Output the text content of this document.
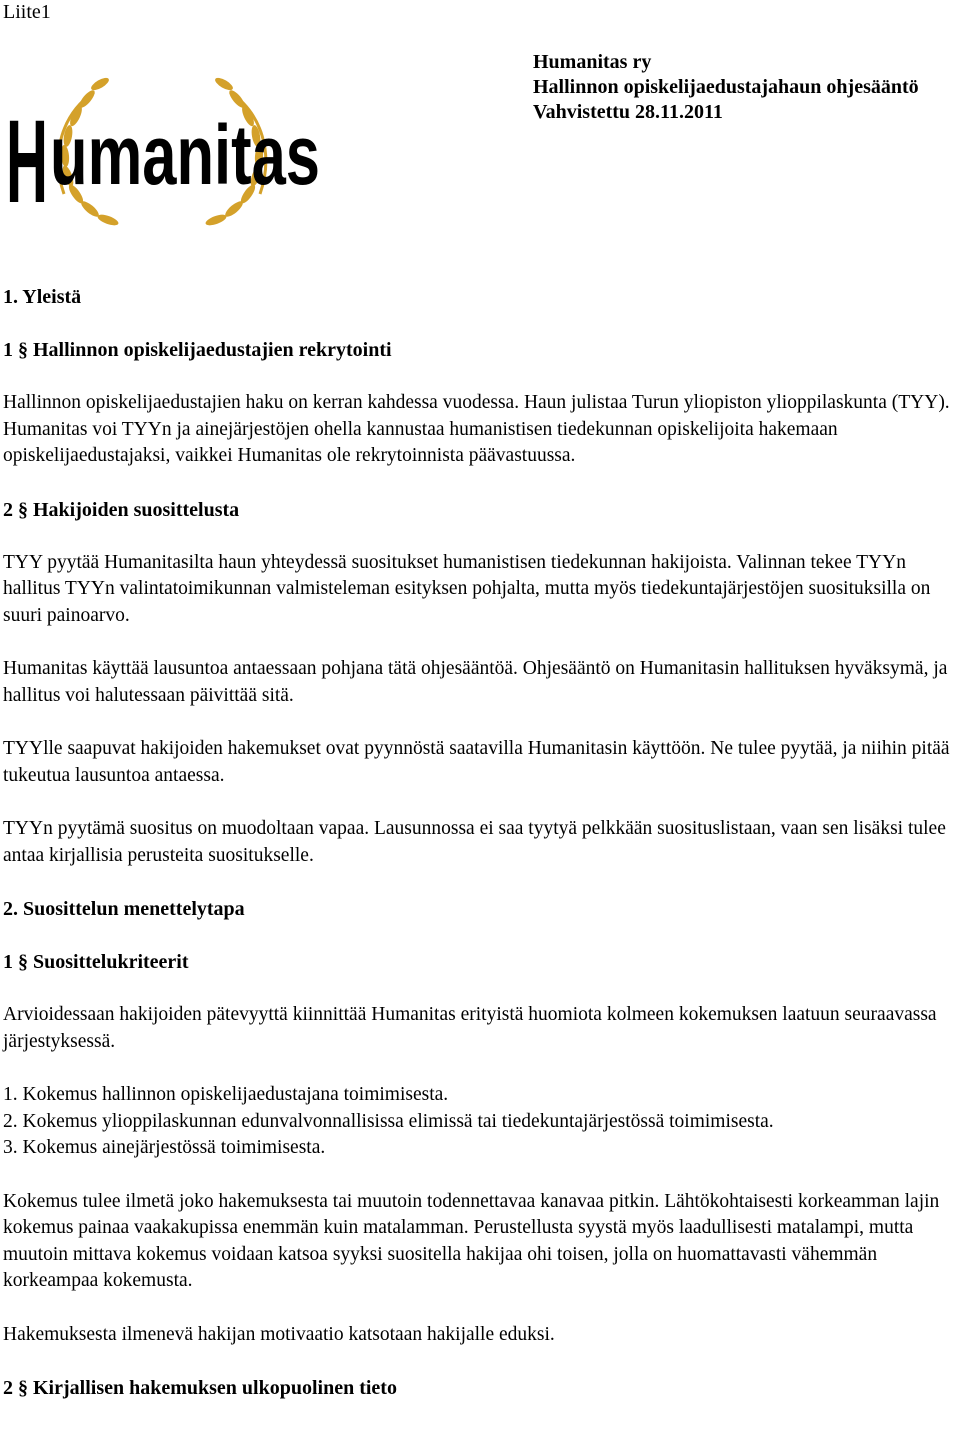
Liite1
H umanitas
Humanitas ry
Hallinnon opiskelijaedustajahaun ohjesääntö
Vahvistettu 28.11.2011
1. Yleistä
1 § Hallinnon opiskelijaedustajien rekrytointi

Hallinnon opiskelijaedustajien haku on kerran kahdessa vuodessa. Haun julistaa Turun yliopiston ylioppilaskunta (TYY). Humanitas voi TYYn ja ainejärjestöjen ohella kannustaa humanistisen tiedekunnan opiskelijoita hakemaan opiskelijaedustajaksi, vaikkei Humanitas ole rekrytoinnista päävastuussa.

2 § Hakijoiden suosittelusta

TYY pyytää Humanitasilta haun yhteydessä suositukset humanistisen tiedekunnan hakijoista. Valinnan tekee TYYn hallitus TYYn valintatoimikunnan valmisteleman esityksen pohjalta, mutta myös tiedekuntajärjestöjen suosituksilla on suuri painoarvo.

Humanitas käyttää lausuntoa antaessaan pohjana tätä ohjesääntöä. Ohjesääntö on Humanitasin hallituksen hyväksymä, ja hallitus voi halutessaan päivittää sitä.

TYYlle saapuvat hakijoiden hakemukset ovat pyynnöstä saatavilla Humanitasin käyttöön. Ne tulee pyytää, ja niihin pitää tukeutua lausuntoa antaessa.

TYYn pyytämä suositus on muodoltaan vapaa. Lausunnossa ei saa tyytyä pelkkään suosituslistaan, vaan sen lisäksi tulee antaa kirjallisia perusteita suositukselle.

2. Suosittelun menettelytapa
1 § Suosittelukriteerit

Arvioidessaan hakijoiden pätevyyttä kiinnittää Humanitas erityistä huomiota kolmeen kokemuksen laatuun seuraavassa järjestyksessä.

1. Kokemus hallinnon opiskelijaedustajana toimimisesta.
2. Kokemus ylioppilaskunnan edunvalvonnallisissa elimissä tai tiedekuntajärjestössä toimimisesta.
3. Kokemus ainejärjestössä toimimisesta.

Kokemus tulee ilmetä joko hakemuksesta tai muutoin todennettavaa kanavaa pitkin. Lähtökohtaisesti korkeamman lajin kokemus painaa vaakakupissa enemmän kuin matalamman. Perustellusta syystä myös laadullisesti matalampi, mutta muutoin mittava kokemus voidaan katsoa syyksi suositella hakijaa ohi toisen, jolla on huomattavasti vähemmän korkeampaa kokemusta.

Hakemuksesta ilmenevä hakijan motivaatio katsotaan hakijalle eduksi.

2 § Kirjallisen hakemuksen ulkopuolinen tieto
